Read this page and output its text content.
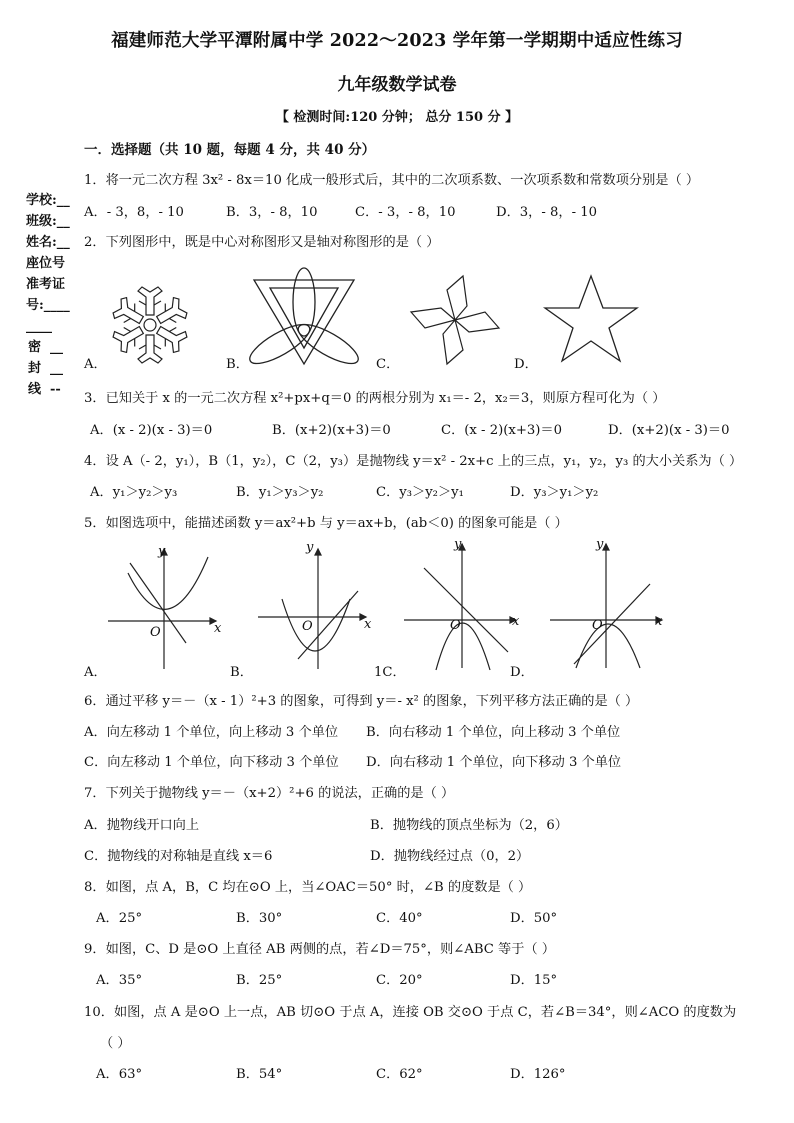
福建师范大学平潭附属中学 2022～2023 学年第一学期期中适应性练习
九年级数学试卷
【 检测时间:120 分钟； 总分 150 分 】
学校:__
班级:__
姓名:__
座位号
准考证
号:____
____
密 __
封 __
线 --
一．选择题（共 10 题，每题 4 分，共 40 分）
1．将一元二次方程 3x² - 8x＝10 化成一般形式后，其中的二次项系数、一次项系数和常数项分别是（ ）
A．- 3，8，- 10	B．3，- 8，10	C．- 3，- 8，10	D．3，- 8，- 10
2．下列图形中，既是中心对称图形又是轴对称图形的是（ ）
A．	B．	C．	D．
3．已知关于 x 的一元二次方程 x²+px+q＝0 的两根分别为 x₁＝- 2，x₂＝3，则原方程可化为（ ）
A．(x - 2)(x - 3)＝0	B．(x+2)(x+3)＝0	C．(x - 2)(x+3)＝0	D．(x+2)(x - 3)＝0
4．设 A（- 2，y₁），B（1，y₂），C（2，y₃）是抛物线 y＝x² - 2x+c 上的三点，y₁，y₂，y₃ 的大小关系为（ ）
A．y₁＞y₂＞y₃	B．y₁＞y₃＞y₂	C．y₃＞y₂＞y₁	D．y₃＞y₁＞y₂
5．如图选项中，能描述函数 y＝ax²+b 与 y＝ax+b，(ab＜0) 的图象可能是（ ）
y
x
O
A．
y
x
O
B．
y
x
O
1C．
y
x
O
D．
6．通过平移 y＝－（x - 1）²+3 的图象，可得到 y＝- x² 的图象，下列平移方法正确的是（ ）
A．向左移动 1 个单位，向上移动 3 个单位 B．向右移动 1 个单位，向上移动 3 个单位
C．向左移动 1 个单位，向下移动 3 个单位 D．向右移动 1 个单位，向下移动 3 个单位
7．下列关于抛物线 y＝－（x+2）²+6 的说法，正确的是（ ）
A．抛物线开口向上	B．抛物线的顶点坐标为（2，6）
C．抛物线的对称轴是直线 x＝6	D．抛物线经过点（0，2）
8．如图，点 A，B，C 均在⊙O 上，当∠OAC＝50° 时，∠B 的度数是（ ）
A．25°	B．30°	C．40°	D．50°
9．如图，C、D 是⊙O 上直径 AB 两侧的点，若∠D＝75°，则∠ABC 等于（ ）
A．35°	B．25°	C．20°	D．15°
10．如图，点 A 是⊙O 上一点，AB 切⊙O 于点 A，连接 OB 交⊙O 于点 C，若∠B＝34°，则∠ACO 的度数为
（ ）
A．63°	B．54°	C．62°	D．126°
